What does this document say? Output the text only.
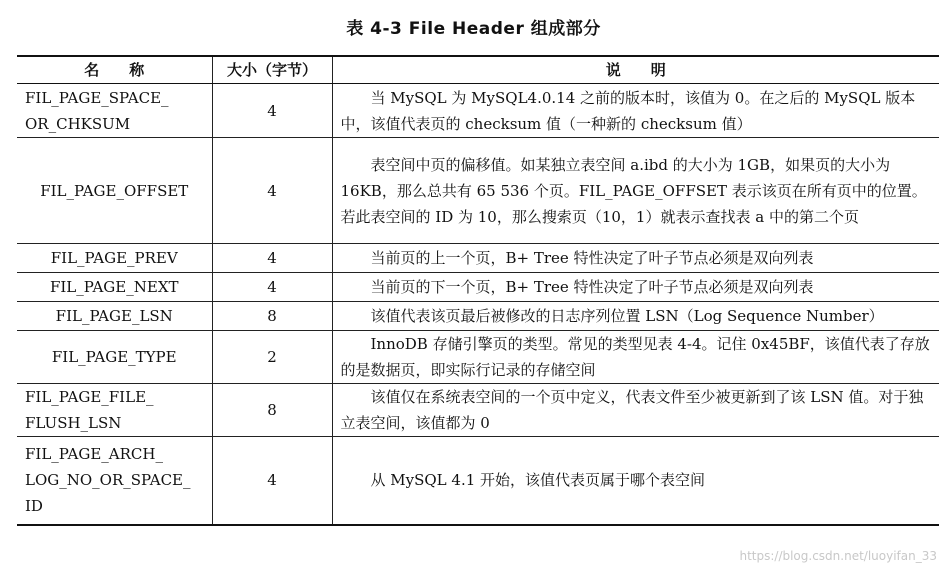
表 4-3 File Header 组成部分
名　　称	大小（字节）	说　　明

FIL_PAGE_SPACE_
OR_CHKSUM	4	当 MySQL 为 MySQL4.0.14 之前的版本时，该值为 0。在之后的 MySQL 版本中，该值代表页的 checksum 值（一种新的 checksum 值）

FIL_PAGE_OFFSET	4	表空间中页的偏移值。如某独立表空间 a.ibd 的大小为 1GB，如果页的大小为 16KB，那么总共有 65 536 个页。FIL_PAGE_OFFSET 表示该页在所有页中的位置。若此表空间的 ID 为 10，那么搜索页（10，1）就表示查找表 a 中的第二个页

FIL_PAGE_PREV	4	当前页的上一个页，B+ Tree 特性决定了叶子节点必须是双向列表

FIL_PAGE_NEXT	4	当前页的下一个页，B+ Tree 特性决定了叶子节点必须是双向列表

FIL_PAGE_LSN	8	该值代表该页最后被修改的日志序列位置 LSN（Log Sequence Number）

FIL_PAGE_TYPE	2	InnoDB 存储引擎页的类型。常见的类型见表 4-4。记住 0x45BF，该值代表了存放的是数据页，即实际行记录的存储空间

FIL_PAGE_FILE_
FLUSH_LSN	8	该值仅在系统表空间的一个页中定义，代表文件至少被更新到了该 LSN 值。对于独立表空间，该值都为 0

FIL_PAGE_ARCH_
LOG_NO_OR_SPACE_
ID	4	从 MySQL 4.1 开始，该值代表页属于哪个表空间
https://blog.csdn.net/luoyifan_33
